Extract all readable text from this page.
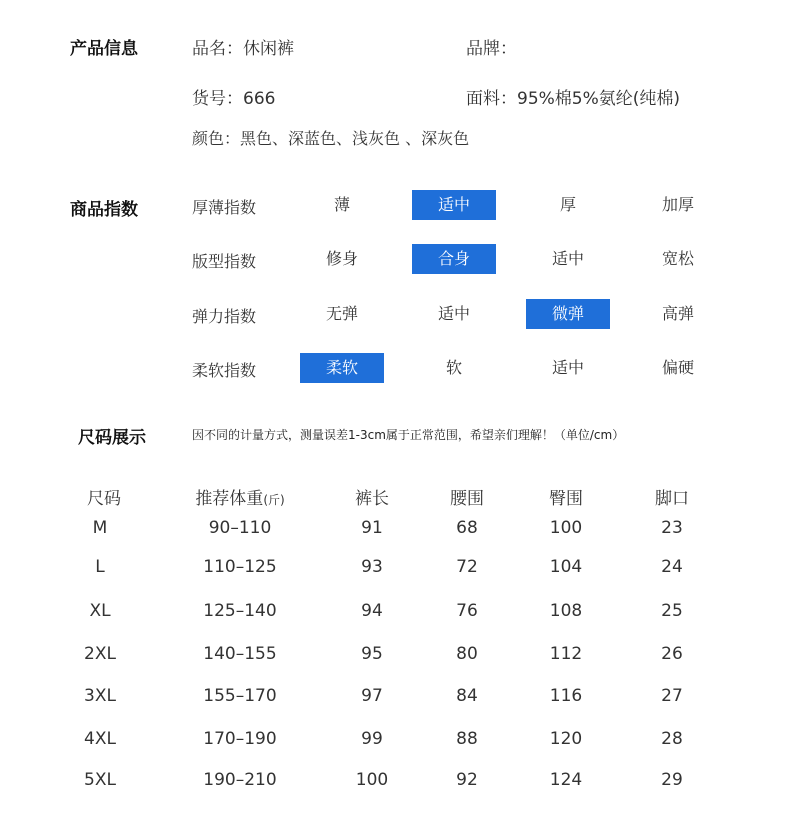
产品信息	品名：休闲裤	品牌：
货号：666	面料：95%棉5%氨纶(纯棉)
颜色：黑色、深蓝色、浅灰色 、深灰色
商品指数	厚薄指数	薄	适中	厚	加厚
版型指数	修身	合身	适中	宽松
弹力指数	无弹	适中	微弹	高弹
柔软指数	柔软	软	适中	偏硬
尺码展示	因不同的计量方式，测量误差1-3cm属于正常范围，希望亲们理解！（单位/cm）
尺码	推荐体重(斤)	裤长	腰围	臀围	脚口
M	90–110	91	68	100	23
L	110–125	93	72	104	24
XL	125–140	94	76	108	25
2XL	140–155	95	80	112	26
3XL	155–170	97	84	116	27
4XL	170–190	99	88	120	28
5XL	190–210	100	92	124	29
